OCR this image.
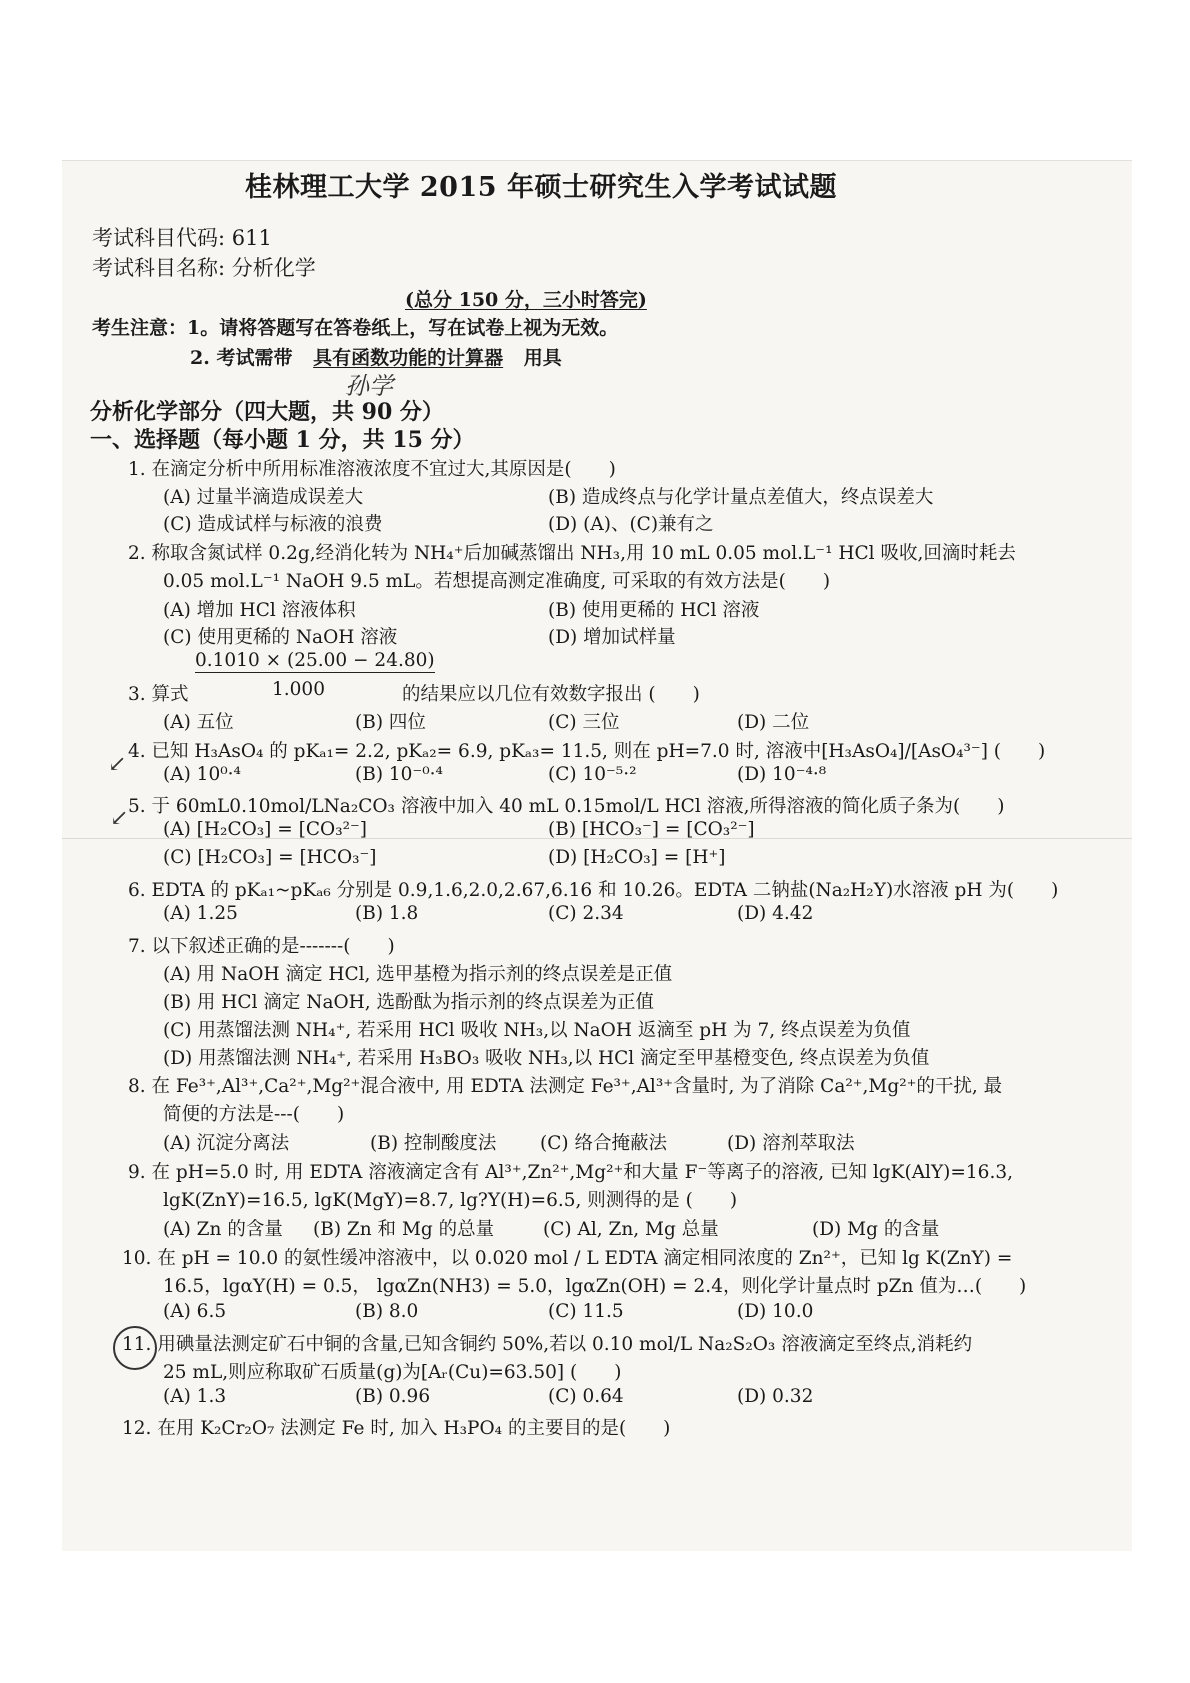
桂林理工大学 2015 年硕士研究生入学考试试题
考试科目代码: 611
考试科目名称: 分析化学
(总分 150 分，三小时答完)
考生注意：1。请将答题写在答卷纸上，写在试卷上视为无效。
2. 考试需带 具有函数功能的计算器 用具
孙学
分析化学部分（四大题，共 90 分）
一、选择题（每小题 1 分，共 15 分）
1. 在滴定分析中所用标准溶液浓度不宜过大,其原因是(　　)
(A) 过量半滴造成误差大	(B) 造成终点与化学计量点差值大，终点误差大
(C) 造成试样与标液的浪费	(D) (A)、(C)兼有之
2. 称取含氮试样 0.2g,经消化转为 NH₄⁺后加碱蒸馏出 NH₃,用 10 mL 0.05 mol.L⁻¹ HCl 吸收,回滴时耗去
0.05 mol.L⁻¹ NaOH 9.5 mL。若想提高测定准确度, 可采取的有效方法是(　　)
(A) 增加 HCl 溶液体积	(B) 使用更稀的 HCl 溶液
(C) 使用更稀的 NaOH 溶液	(D) 增加试样量
0.1010 × (25.00 − 24.80)
3. 算式	1.000	的结果应以几位有效数字报出 (　　)
(A) 五位	(B) 四位	(C) 三位	(D) 二位
4. 已知 H₃AsO₄ 的 pKₐ₁= 2.2, pKₐ₂= 6.9, pKₐ₃= 11.5, 则在 pH=7.0 时, 溶液中[H₃AsO₄]/[AsO₄³⁻] (　　)
(A) 10⁰·⁴	(B) 10⁻⁰·⁴	(C) 10⁻⁵·²	(D) 10⁻⁴·⁸
5. 于 60mL0.10mol/LNa₂CO₃ 溶液中加入 40 mL 0.15mol/L HCl 溶液,所得溶液的简化质子条为(　　)
(A) [H₂CO₃] = [CO₃²⁻]	(B) [HCO₃⁻] = [CO₃²⁻]
(C) [H₂CO₃] = [HCO₃⁻]	(D) [H₂CO₃] = [H⁺]
6. EDTA 的 pKₐ₁~pKₐ₆ 分别是 0.9,1.6,2.0,2.67,6.16 和 10.26。EDTA 二钠盐(Na₂H₂Y)水溶液 pH 为(　　)
(A) 1.25	(B) 1.8	(C) 2.34	(D) 4.42
7. 以下叙述正确的是-------(　　)
(A) 用 NaOH 滴定 HCl, 选甲基橙为指示剂的终点误差是正值
(B) 用 HCl 滴定 NaOH, 选酚酞为指示剂的终点误差为正值
(C) 用蒸馏法测 NH₄⁺, 若采用 HCl 吸收 NH₃,以 NaOH 返滴至 pH 为 7, 终点误差为负值
(D) 用蒸馏法测 NH₄⁺, 若采用 H₃BO₃ 吸收 NH₃,以 HCl 滴定至甲基橙变色, 终点误差为负值
8. 在 Fe³⁺,Al³⁺,Ca²⁺,Mg²⁺混合液中, 用 EDTA 法测定 Fe³⁺,Al³⁺含量时, 为了消除 Ca²⁺,Mg²⁺的干扰, 最
简便的方法是---(　　)
(A) 沉淀分离法	(B) 控制酸度法 (C) 络合掩蔽法	(D) 溶剂萃取法
9. 在 pH=5.0 时, 用 EDTA 溶液滴定含有 Al³⁺,Zn²⁺,Mg²⁺和大量 F⁻等离子的溶液, 已知 lgK(AlY)=16.3,
lgK(ZnY)=16.5, lgK(MgY)=8.7, lg?Y(H)=6.5, 则测得的是 (　　)
(A) Zn 的含量 (B) Zn 和 Mg 的总量	(C) Al, Zn, Mg 总量	(D) Mg 的含量
10. 在 pH = 10.0 的氨性缓冲溶液中，以 0.020 mol / L EDTA 滴定相同浓度的 Zn²⁺，已知 lg K(ZnY) =
16.5，lgαY(H) = 0.5， lgαZn(NH3) = 5.0，lgαZn(OH) = 2.4，则化学计量点时 pZn 值为…(　　)
(A) 6.5	(B) 8.0	(C) 11.5	(D) 10.0
11. 用碘量法测定矿石中铜的含量,已知含铜约 50%,若以 0.10 mol/L Na₂S₂O₃ 溶液滴定至终点,消耗约
25 mL,则应称取矿石质量(g)为[Aᵣ(Cu)=63.50] (　　)
(A) 1.3	(B) 0.96	(C) 0.64	(D) 0.32
12. 在用 K₂Cr₂O₇ 法测定 Fe 时, 加入 H₃PO₄ 的主要目的是(　　)
↙
↙
